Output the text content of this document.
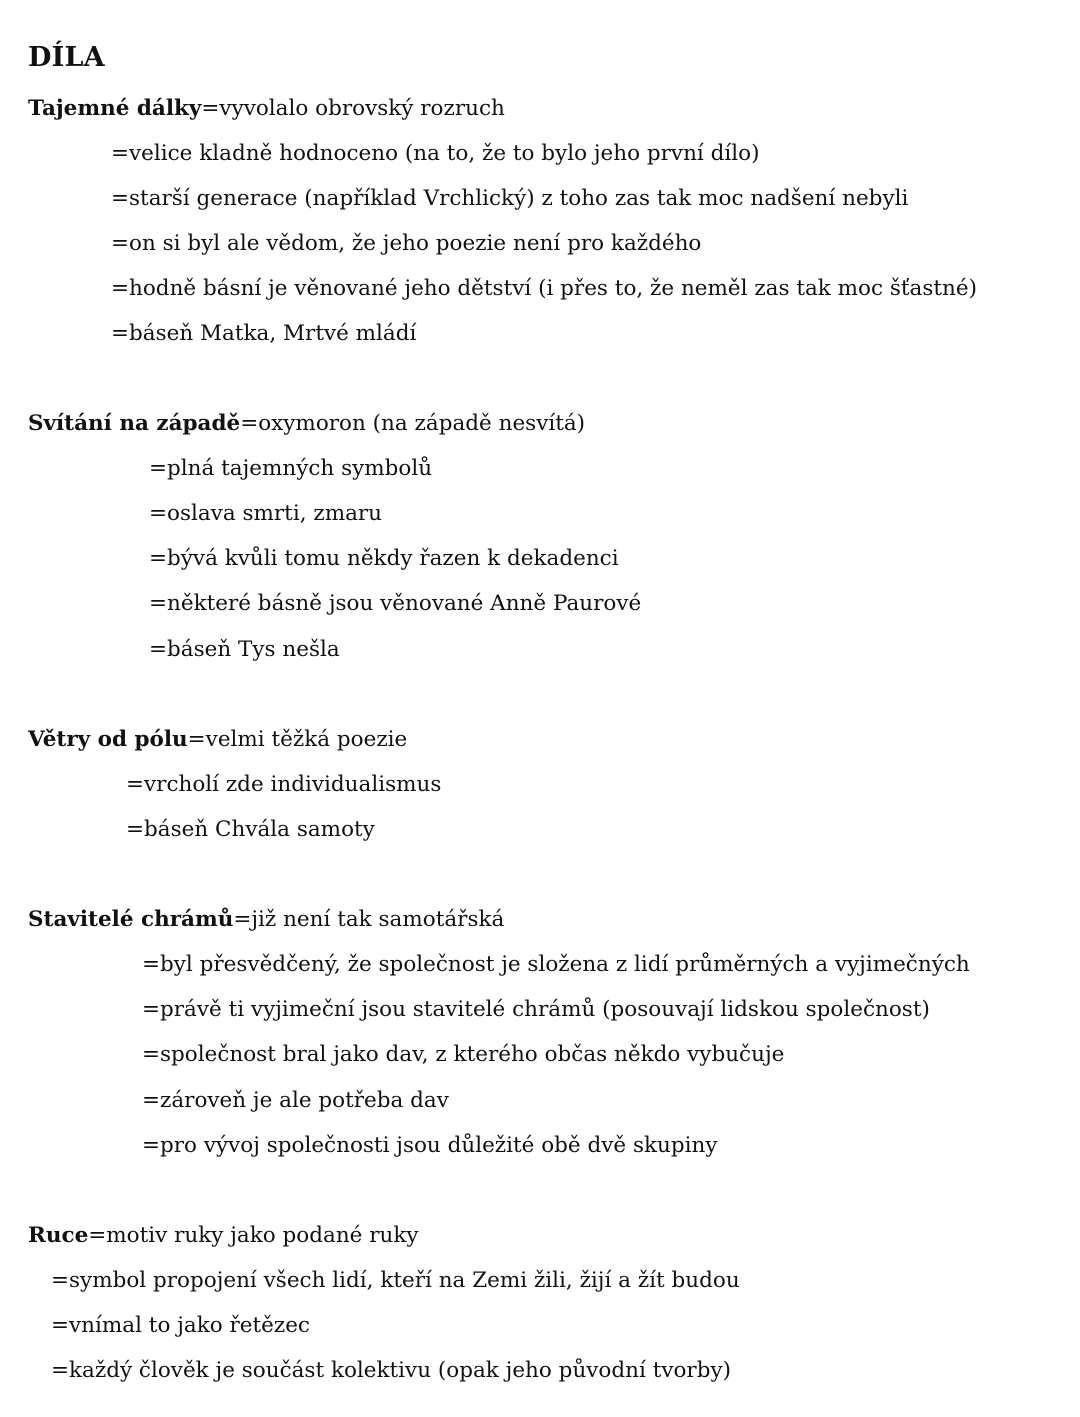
DÍLA
Tajemné dálky=vyvolalo obrovský rozruch
=velice kladně hodnoceno (na to, že to bylo jeho první dílo)
=starší generace (například Vrchlický) z toho zas tak moc nadšení nebyli
=on si byl ale vědom, že jeho poezie není pro každého
=hodně básní je věnované jeho dětství (i přes to, že neměl zas tak moc šťastné)
=báseň Matka, Mrtvé mládí
Svítání na západě=oxymoron (na západě nesvítá)
=plná tajemných symbolů
=oslava smrti, zmaru
=bývá kvůli tomu někdy řazen k dekadenci
=některé básně jsou věnované Anně Paurové
=báseň Tys nešla
Větry od pólu=velmi těžká poezie
=vrcholí zde individualismus
=báseň Chvála samoty
Stavitelé chrámů=již není tak samotářská
=byl přesvědčený, že společnost je složena z lidí průměrných a vyjimečných
=právě ti vyjimeční jsou stavitelé chrámů (posouvají lidskou společnost)
=společnost bral jako dav, z kterého občas někdo vybučuje
=zároveň je ale potřeba dav
=pro vývoj společnosti jsou důležité obě dvě skupiny
Ruce=motiv ruky jako podané ruky
=symbol propojení všech lidí, kteří na Zemi žili, žijí a žít budou
=vnímal to jako řetězec
=každý člověk je součást kolektivu (opak jeho původní tvorby)
